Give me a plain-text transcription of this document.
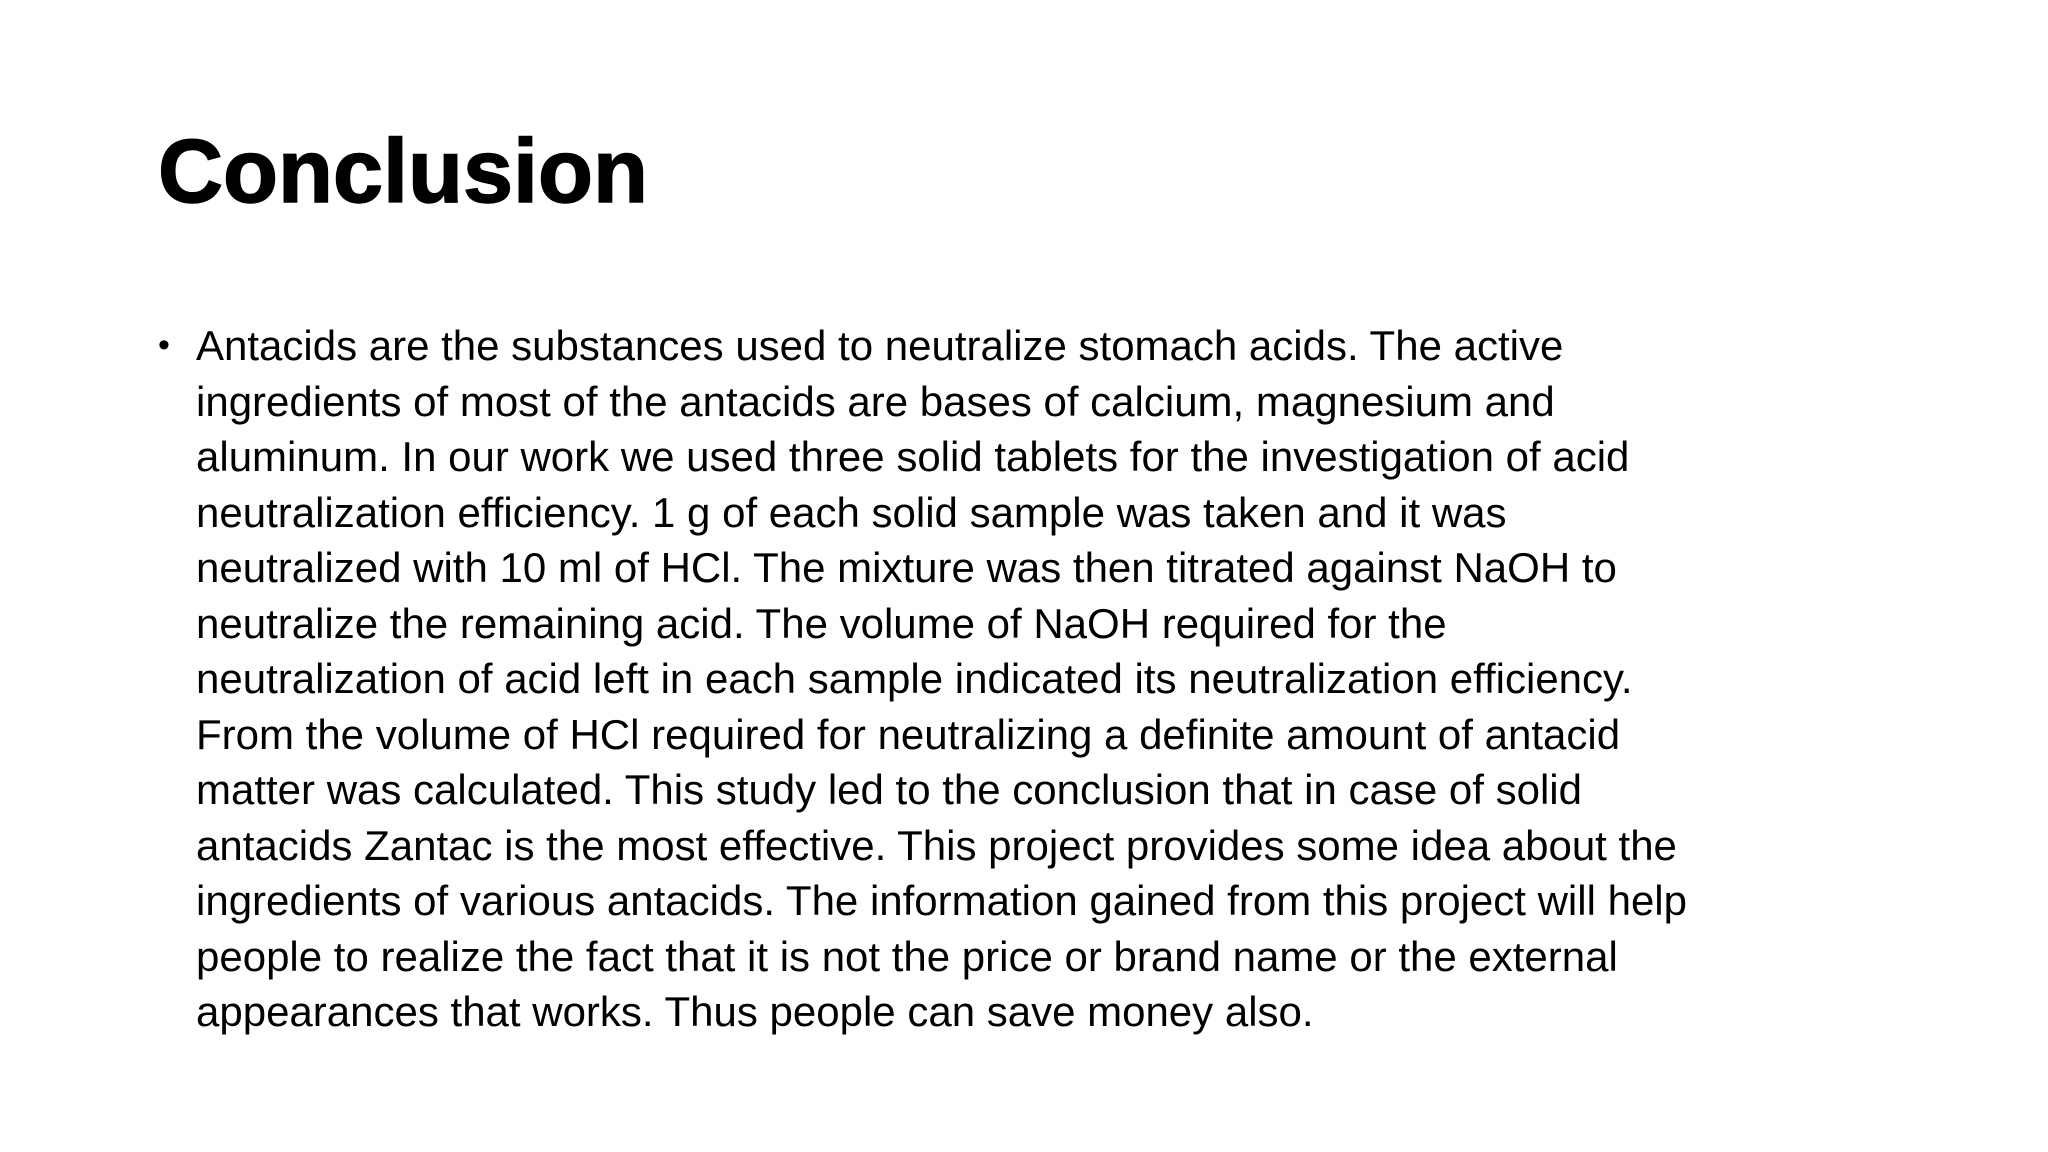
Conclusion
• Antacids are the substances used to neutralize stomach acids. The active
ingredients of most of the antacids are bases of calcium, magnesium and
aluminum. In our work we used three solid tablets for the investigation of acid
neutralization efficiency. 1 g of each solid sample was taken and it was
neutralized with 10 ml of HCl. The mixture was then titrated against NaOH to
neutralize the remaining acid. The volume of NaOH required for the
neutralization of acid left in each sample indicated its neutralization efficiency.
From the volume of HCl required for neutralizing a definite amount of antacid
matter was calculated. This study led to the conclusion that in case of solid
antacids Zantac is the most effective. This project provides some idea about the
ingredients of various antacids. The information gained from this project will help
people to realize the fact that it is not the price or brand name or the external
appearances that works. Thus people can save money also.
